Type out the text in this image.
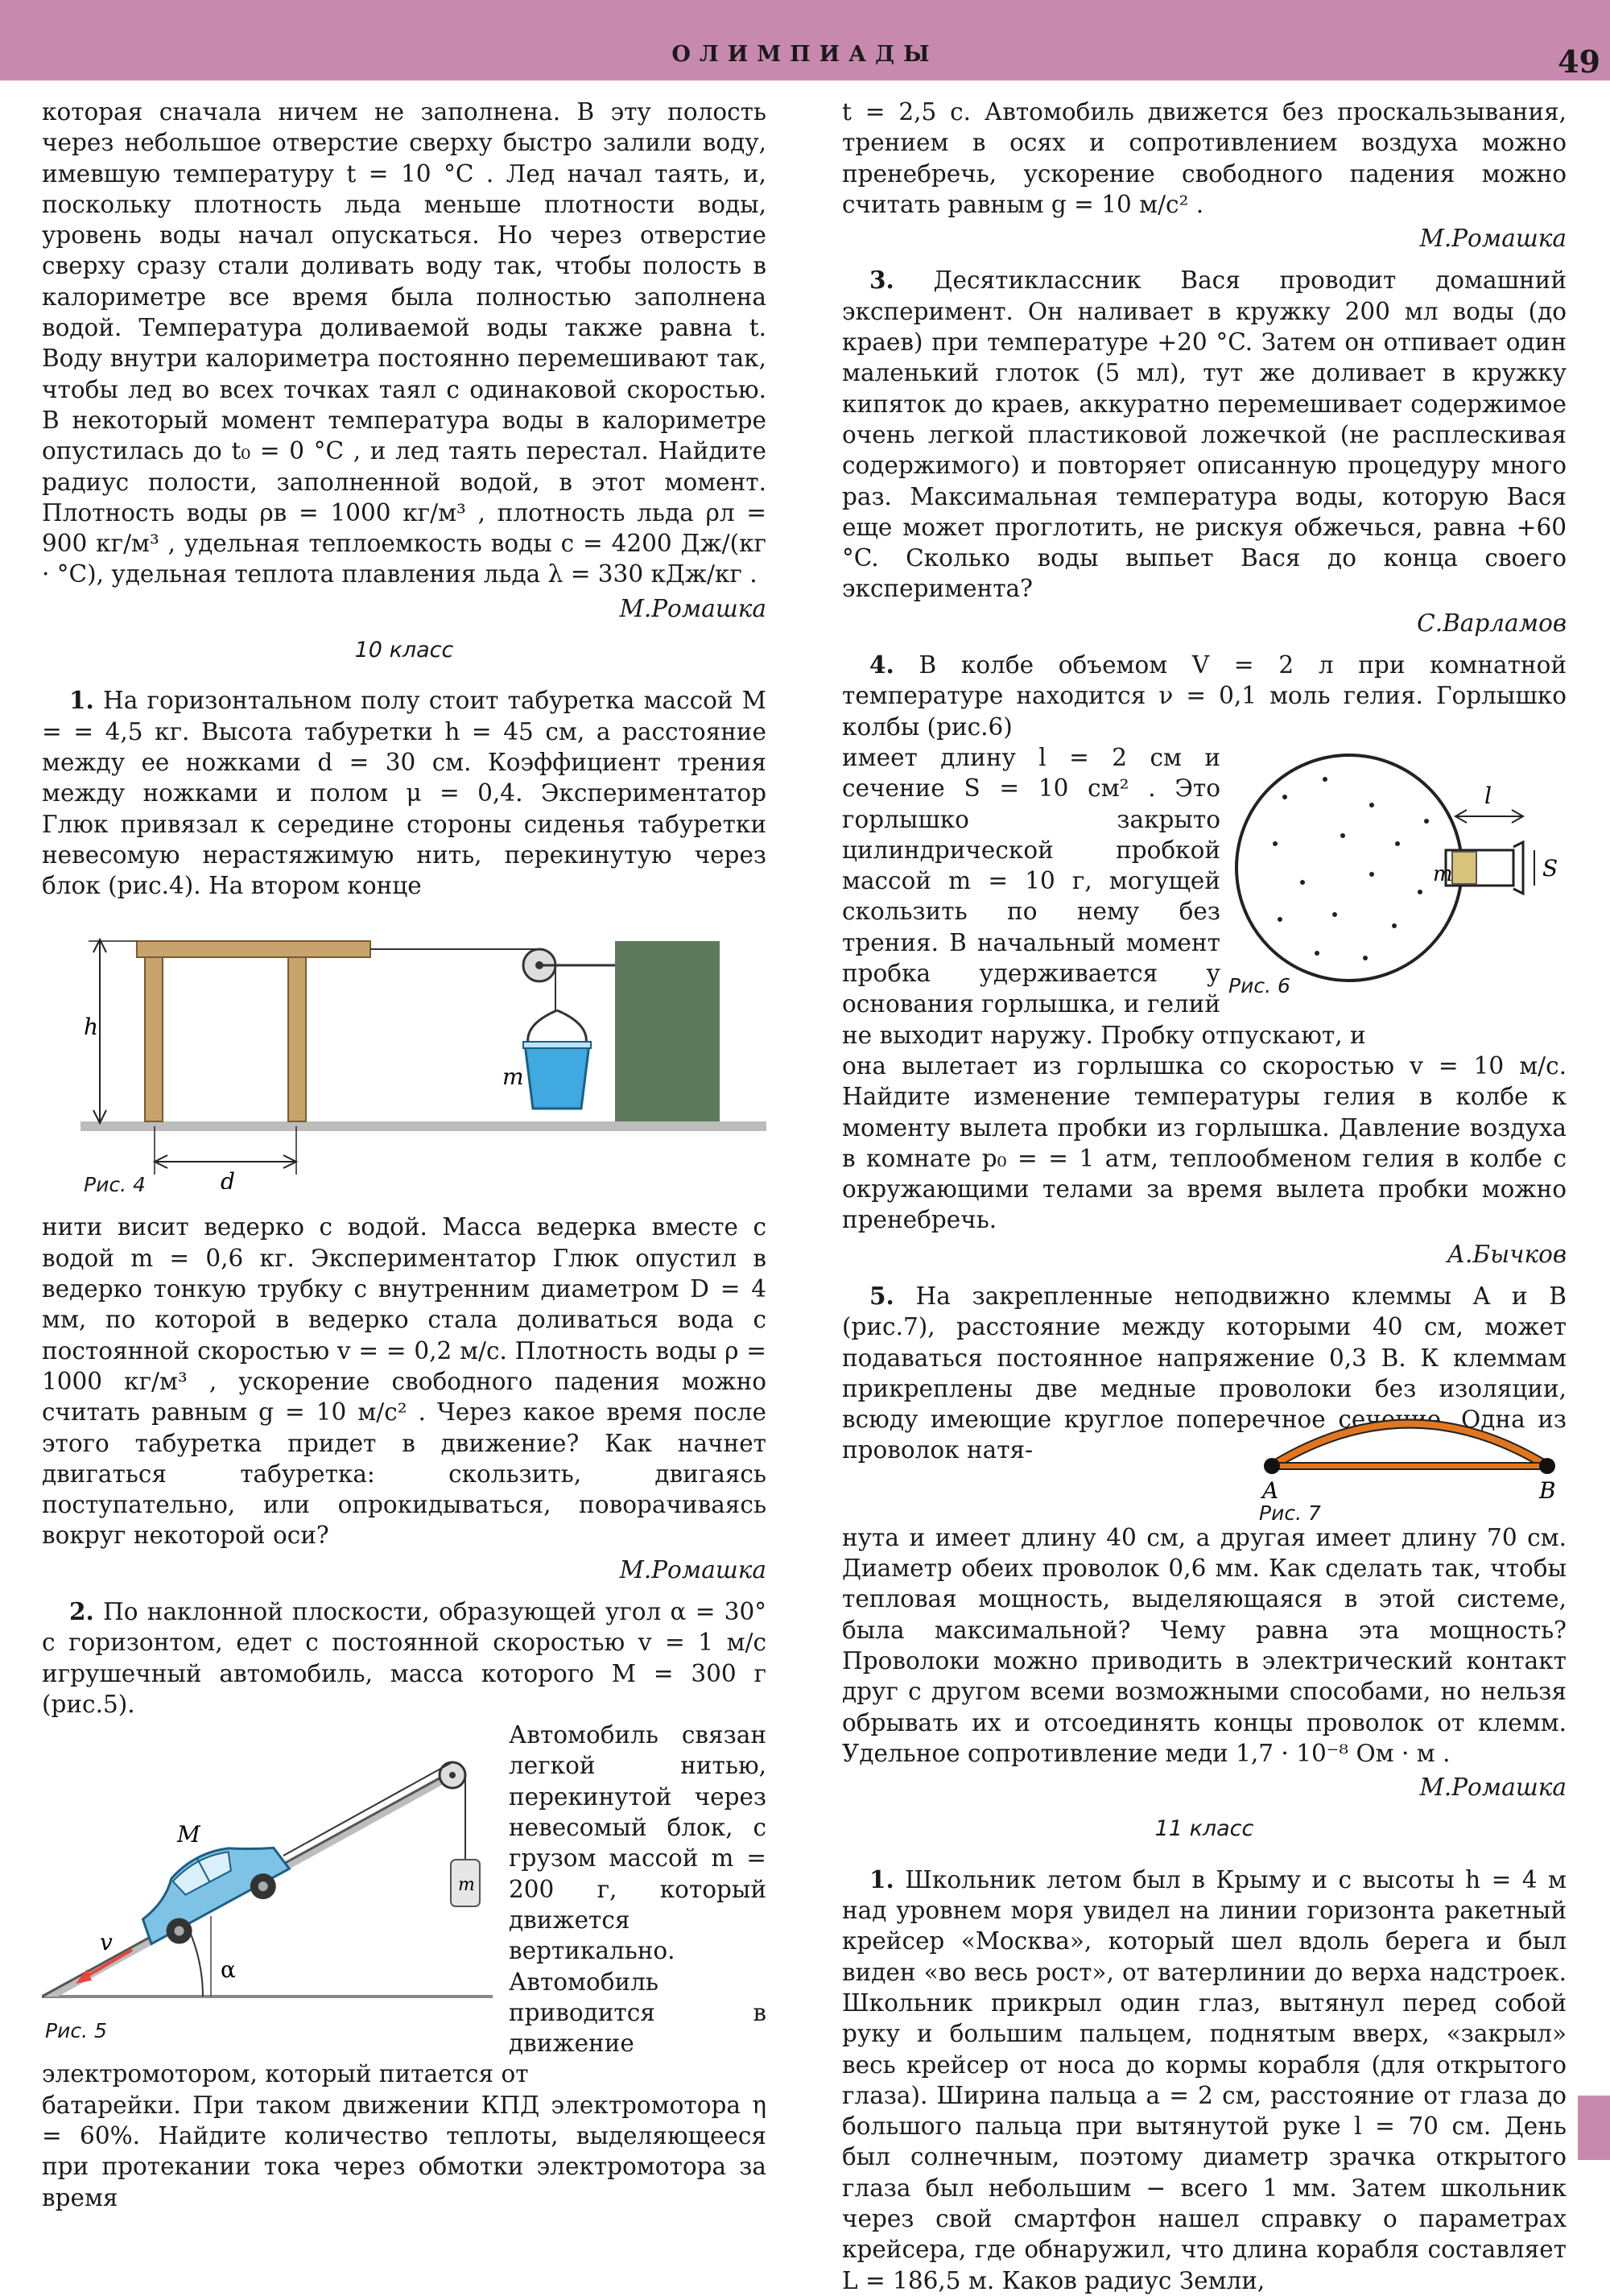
ОЛИМПИАДЫ	49

которая сначала ничем не заполнена. В эту полость через небольшое отверстие сверху быстро залили воду, имевшую температуру t = 10 °C . Лед начал таять, и, поскольку плотность льда меньше плотности воды, уровень воды начал опускаться. Но через отверстие сверху сразу стали доливать воду так, чтобы полость в калориметре все время была полностью заполнена водой. Температура доливаемой воды также равна t. Воду внутри калориметра постоянно перемешивают так, чтобы лед во всех точках таял с одинаковой скоростью. В некоторый момент температура воды в калориметре опустилась до t₀ = 0 °C , и лед таять перестал. Найдите радиус полости, заполненной водой, в этот момент. Плотность воды ρв = 1000 кг/м³ , плотность льда ρл = 900 кг/м³ , удельная теплоемкость воды c = 4200 Дж/(кг · °C), удельная теплота плавления льда λ = 330 кДж/кг .

М.Ромашка
10 класс

1. На горизонтальном полу стоит табуретка массой M = = 4,5 кг. Высота табуретки h = 45 см, а расстояние между ее ножками d = 30 см. Коэффициент трения между ножками и полом μ = 0,4. Экспериментатор Глюк привязал к середине стороны сиденья табуретки невесомую нерастяжимую нить, перекинутую через блок (рис.4). На втором конце

h
m
d
Рис. 4

нити висит ведерко с водой. Масса ведерка вместе с водой m = 0,6 кг. Экспериментатор Глюк опустил в ведерко тонкую трубку с внутренним диаметром D = 4 мм, по которой в ведерко стала доливаться вода с постоянной скоростью v = = 0,2 м/с. Плотность воды ρ = 1000 кг/м³ , ускорение свободного падения можно считать равным g = 10 м/c² . Через какое время после этого табуретка придет в движение? Как начнет двигаться табуретка: скользить, двигаясь поступательно, или опрокидываться, поворачиваясь вокруг некоторой оси?

М.Ромашка

2. По наклонной плоскости, образующей угол α = 30° с горизонтом, едет с постоянной скоростью v = 1 м/с игрушечный автомобиль, масса которого M = 300 г (рис.5).

m
M
v
α
Рис. 5

Автомобиль связан легкой нитью, перекинутой через невесомый блок, с грузом массой m = 200 г, который движется вертикально. Автомобиль приводится в движение электромотором, который питается от

батарейки. При таком движении КПД электромотора η = 60%. Найдите количество теплоты, выделяющееся при протекании тока через обмотки электромотора за время

t = 2,5 с. Автомобиль движется без проскальзывания, трением в осях и сопротивлением воздуха можно пренебречь, ускорение свободного падения можно считать равным g = 10 м/c² .

М.Ромашка

3. Десятиклассник Вася проводит домашний эксперимент. Он наливает в кружку 200 мл воды (до краев) при температуре +20 °C. Затем он отпивает один маленький глоток (5 мл), тут же доливает в кружку кипяток до краев, аккуратно перемешивает содержимое очень легкой пластиковой ложечкой (не расплескивая содержимого) и повторяет описанную процедуру много раз. Максимальная температура воды, которую Вася еще может проглотить, не рискуя обжечься, равна +60 °C. Сколько воды выпьет Вася до конца своего эксперимента?

С.Варламов

4. В колбе объемом V = 2 л при комнатной температуре находится ν = 0,1 моль гелия. Горлышко колбы (рис.6)

m
l
S
Рис. 6

имеет длину l = 2 см и сечение S = 10 см² . Это горлышко закрыто цилиндрической пробкой массой m = 10 г, могущей скользить по нему без трения. В начальный момент пробка удерживается у основания горлышка, и гелий не выходит наружу. Пробку отпускают, и

она вылетает из горлышка со скоростью v = 10 м/с. Найдите изменение температуры гелия в колбе к моменту вылета пробки из горлышка. Давление воздуха в комнате p₀ = = 1 атм, теплообменом гелия в колбе с окружающими телами за время вылета пробки можно пренебречь.

А.Бычков

5. На закрепленные неподвижно клеммы A и B (рис.7), расстояние между которыми 40 см, может подаваться постоянное напряжение 0,3 В. К клеммам прикреплены две медные проволоки без изоляции, всюду имеющие круглое поперечное сечение. Одна из проволок натя-

A	B
Рис. 7

нута и имеет длину 40 см, а другая имеет длину 70 см. Диаметр обеих проволок 0,6 мм. Как сделать так, чтобы тепловая мощность, выделяющаяся в этой системе, была максимальной? Чему равна эта мощность? Проволоки можно приводить в электрический контакт друг с другом всеми возможными способами, но нельзя обрывать их и отсоединять концы проволок от клемм. Удельное сопротивление меди 1,7 · 10⁻⁸ Ом · м .

М.Ромашка
11 класс

1. Школьник летом был в Крыму и с высоты h = 4 м над уровнем моря увидел на линии горизонта ракетный крейсер «Москва», который шел вдоль берега и был виден «во весь рост», от ватерлинии до верха надстроек. Школьник прикрыл один глаз, вытянул перед собой руку и большим пальцем, поднятым вверх, «закрыл» весь крейсер от носа до кормы корабля (для открытого глаза). Ширина пальца a = 2 см, расстояние от глаза до большого пальца при вытянутой руке l = 70 см. День был солнечным, поэтому диаметр зрачка открытого глаза был небольшим − всего 1 мм. Затем школьник через свой смартфон нашел справку о параметрах крейсера, где обнаружил, что длина корабля составляет L = 186,5 м. Каков радиус Земли,
